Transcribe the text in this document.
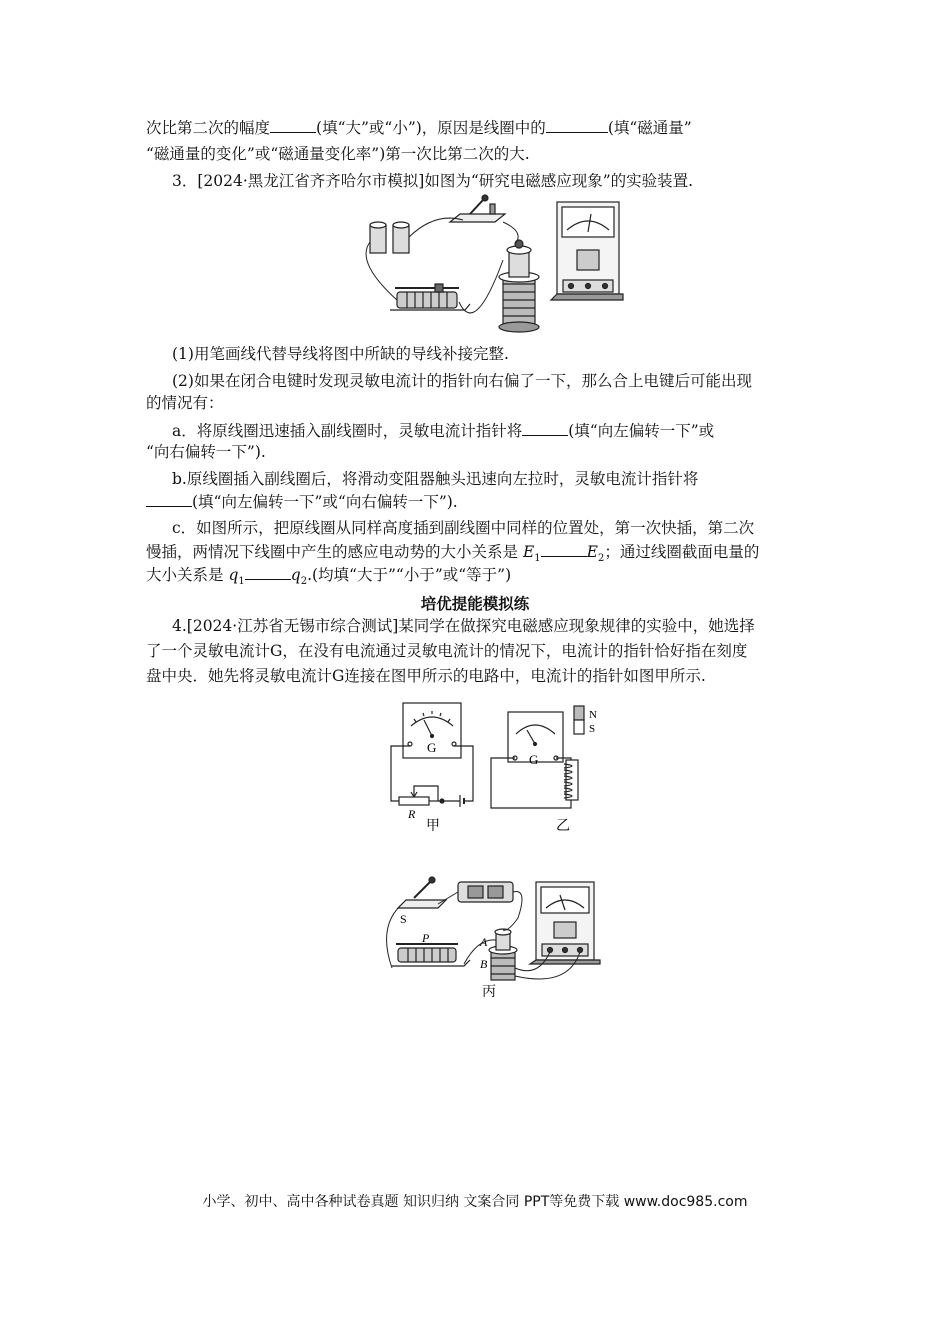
次比第二次的幅度	(填“大”或“小”)，原因是线圈中的	(填“磁通量”
“磁通量的变化”或“磁通量变化率”)第一次比第二次的大.
3．[2024·黑龙江省齐齐哈尔市模拟]如图为“研究电磁感应现象”的实验装置.
(1)用笔画线代替导线将图中所缺的导线补接完整.
(2)如果在闭合电键时发现灵敏电流计的指针向右偏了一下，那么合上电键后可能出现
的情况有：
a．将原线圈迅速插入副线圈时，灵敏电流计指针将	(填“向左偏转一下”或
“向右偏转一下”).
b.原线圈插入副线圈后，将滑动变阻器触头迅速向左拉时，灵敏电流计指针将
(填“向左偏转一下”或“向右偏转一下”).
c．如图所示，把原线圈从同样高度插到副线圈中同样的位置处，第一次快插，第二次
慢插，两情况下线圈中产生的感应电动势的大小关系是 $E_1$	$E_2$；通过线圈截面电量的
大小关系是 $q_1$	$q_2$.(均填“大于”“小于”或“等于”)
培优提能模拟练
4.[2024·江苏省无锡市综合测试]某同学在做探究电磁感应现象规律的实验中，她选择
了一个灵敏电流计G，在没有电流通过灵敏电流计的情况下，电流计的指针恰好指在刻度
盘中央．她先将灵敏电流计G连接在图甲所示的电路中，电流计的指针如图甲所示.
G
G
R
甲	乙
N
S
S
P	A
B
丙
小学、初中、高中各种试卷真题 知识归纳 文案合同 PPT等免费下载 www.doc985.com
